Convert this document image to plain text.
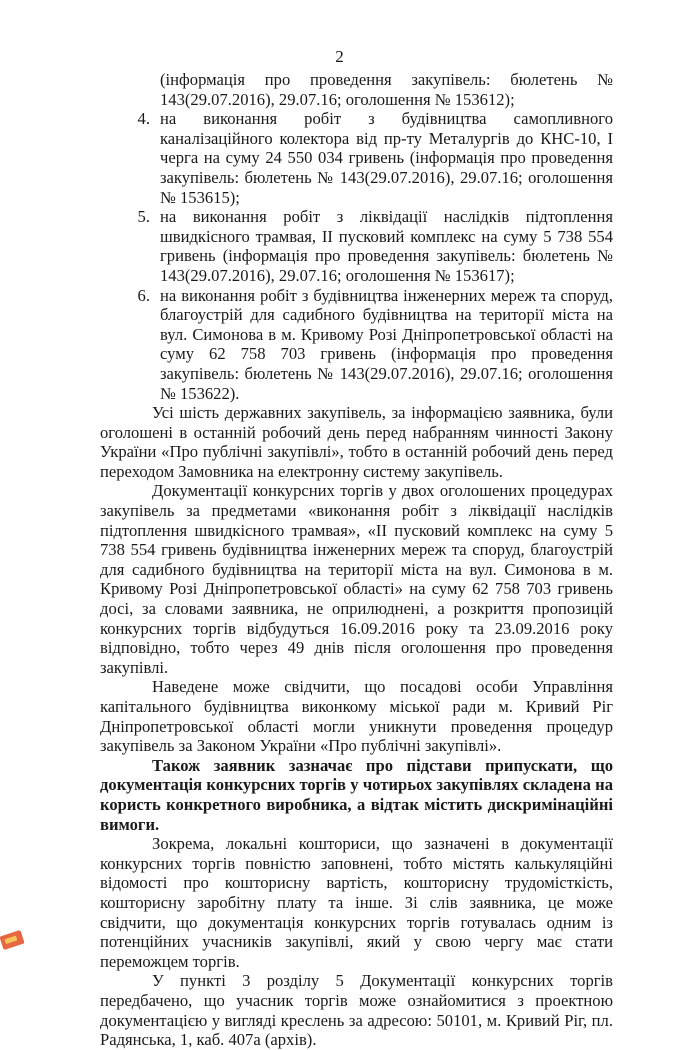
2

(інформація про проведення закупівель: бюлетень № 143(29.07.2016), 29.07.16; оголошення № 153612);

4. на виконання робіт з будівництва самопливного каналізаційного колектора від пр-ту Металургів до КНС-10, I черга на суму 24 550 034 гривень (інформація про проведення закупівель: бюлетень № 143(29.07.2016), 29.07.16; оголошення № 153615);
5. на виконання робіт з ліквідації наслідків підтоплення швидкісного трамвая, II пусковий комплекс на суму 5 738 554 гривень (інформація про проведення закупівель: бюлетень № 143(29.07.2016), 29.07.16; оголошення № 153617);
6. на виконання робіт з будівництва інженерних мереж та споруд, благоустрій для садибного будівництва на території міста на вул. Симонова в м. Кривому Розі Дніпропетровської області на суму 62 758 703 гривень (інформація про проведення закупівель: бюлетень № 143(29.07.2016), 29.07.16; оголошення № 153622).

Усі шість державних закупівель, за інформацією заявника, були оголошені в останній робочий день перед набранням чинності Закону України «Про публічні закупівлі», тобто в останній робочий день перед переходом Замовника на електронну систему закупівель.

Документації конкурсних торгів у двох оголошених процедурах закупівель за предметами «виконання робіт з ліквідації наслідків підтоплення швидкісного трамвая», «II пусковий комплекс на суму 5 738 554 гривень будівництва інженерних мереж та споруд, благоустрій для садибного будівництва на території міста на вул. Симонова в м. Кривому Розі Дніпропетровської області» на суму 62 758 703 гривень досі, за словами заявника, не оприлюднені, а розкриття пропозицій конкурсних торгів відбудуться 16.09.2016 року та 23.09.2016 року відповідно, тобто через 49 днів після оголошення про проведення закупівлі.

Наведене може свідчити, що посадові особи Управління капітального будівництва виконкому міської ради м. Кривий Ріг Дніпропетровської області могли уникнути проведення процедур закупівель за Законом України «Про публічні закупівлі».

Також заявник зазначає про підстави припускати, що документація конкурсних торгів у чотирьох закупівлях складена на користь конкретного виробника, а відтак містить дискримінаційні вимоги.

Зокрема, локальні кошториси, що зазначені в документації конкурсних торгів повністю заповнені, тобто містять калькуляційні відомості про кошторисну вартість, кошторисну трудомісткість, кошторисну заробітну плату та інше. Зі слів заявника, це може свідчити, що документація конкурсних торгів готувалась одним із потенційних учасників закупівлі, який у свою чергу має стати переможцем торгів.

У пункті 3 розділу 5 Документації конкурсних торгів передбачено, що учасник торгів може ознайомитися з проектною документацією у вигляді креслень за адресою: 50101, м. Кривий Ріг, пл. Радянська, 1, каб. 407а (архів).
